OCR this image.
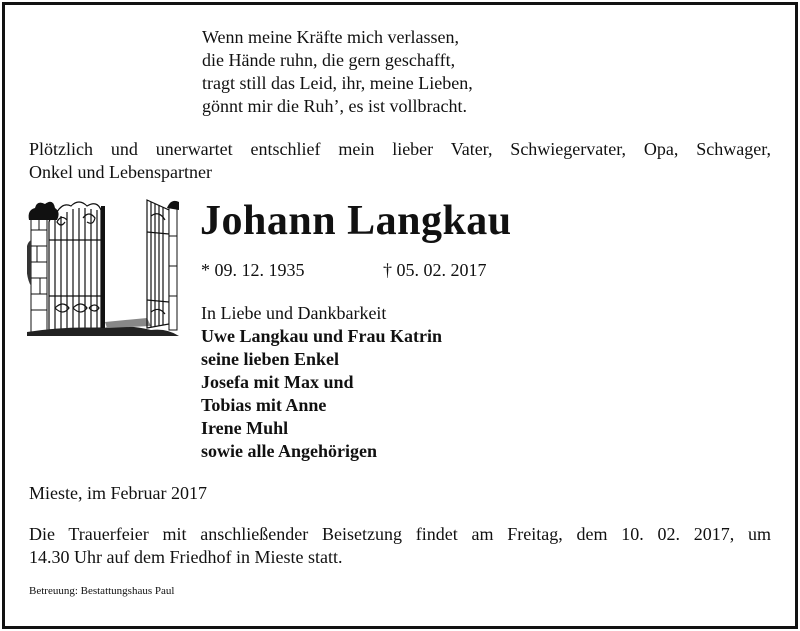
Wenn meine Kräfte mich verlassen,
die Hände ruhn, die gern geschafft,
tragt still das Leid, ihr, meine Lieben,
gönnt mir die Ruh’, es ist vollbracht.
Plötzlich und unerwartet entschlief mein lieber Vater, Schwiegervater, Opa, Schwager,
Onkel und Lebenspartner
Johann Langkau
* 09. 12. 1935	† 05. 02. 2017
In Liebe und Dankbarkeit
Uwe Langkau und Frau Katrin
seine lieben Enkel
Josefa mit Max und
Tobias mit Anne
Irene Muhl
sowie alle Angehörigen
Mieste, im Februar 2017
Die Trauerfeier mit anschließender Beisetzung findet am Freitag, dem 10. 02. 2017, um
14.30 Uhr auf dem Friedhof in Mieste statt.
Betreuung: Bestattungshaus Paul
